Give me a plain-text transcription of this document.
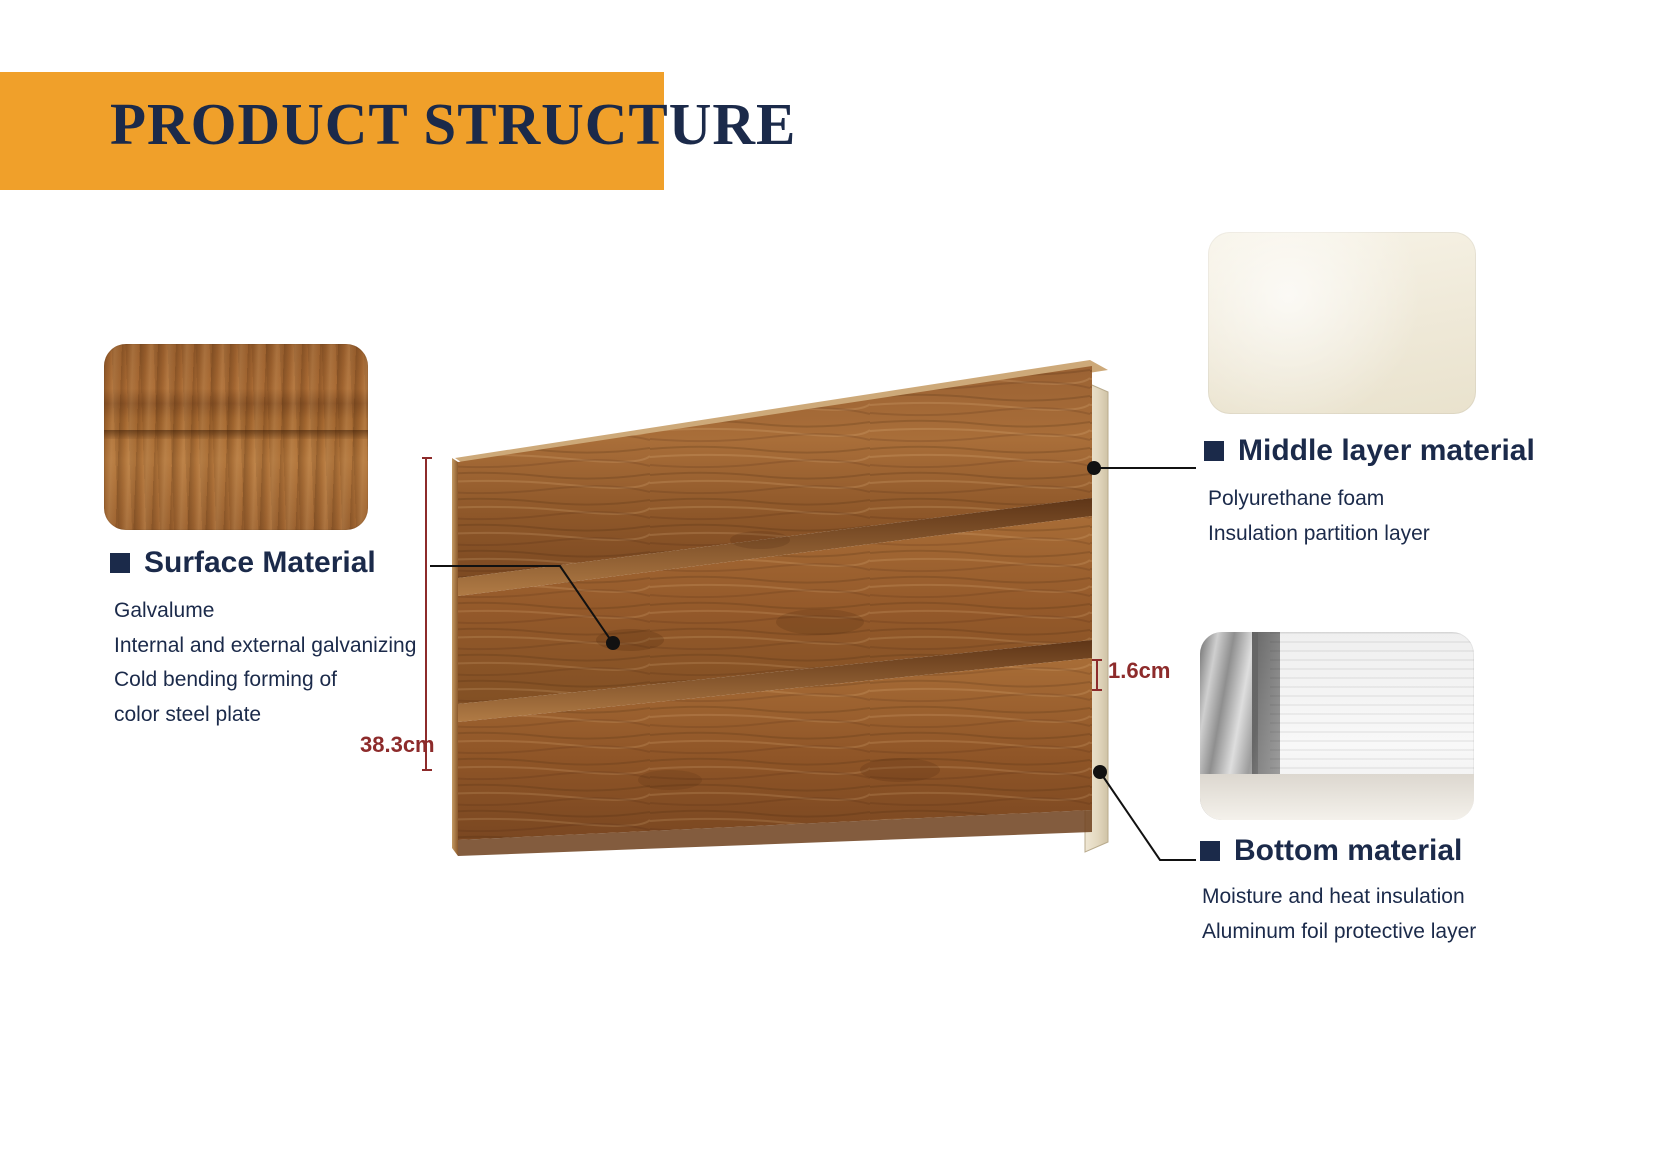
PRODUCT STRUCTURE
38.3cm
1.6cm
Surface Material
Galvalume
Internal and external galvanizing
Cold bending forming of
color steel plate
Middle layer material
Polyurethane foam
Insulation partition layer
Bottom material
Moisture and heat insulation
Aluminum foil protective layer
